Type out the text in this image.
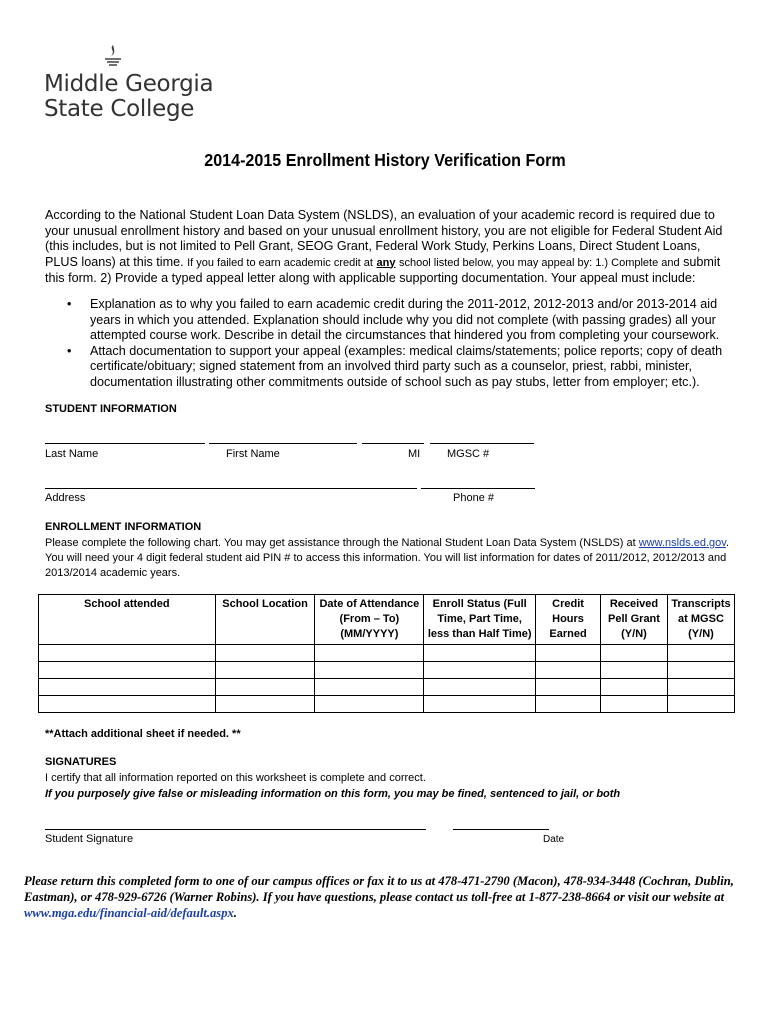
Middle Georgia
State College
2014-2015 Enrollment History Verification Form
According to the National Student Loan Data System (NSLDS), an evaluation of your academic record is required due to your unusual enrollment history and based on your unusual enrollment history, you are not eligible for Federal Student Aid (this includes, but is not limited to Pell Grant, SEOG Grant, Federal Work Study, Perkins Loans, Direct Student Loans, PLUS loans) at this time. If you failed to earn academic credit at any school listed below, you may appeal by: 1.) Complete and submit this form. 2) Provide a typed appeal letter along with applicable supporting documentation. Your appeal must include:
• Explanation as to why you failed to earn academic credit during the 2011-2012, 2012-2013 and/or 2013-2014 aid years in which you attended. Explanation should include why you did not complete (with passing grades) all your attempted course work. Describe in detail the circumstances that hindered you from completing your coursework.
• Attach documentation to support your appeal (examples: medical claims/statements; police reports; copy of death certificate/obituary; signed statement from an involved third party such as a counselor, priest, rabbi, minister, documentation illustrating other commitments outside of school such as pay stubs, letter from employer; etc.).
STUDENT INFORMATION
Last Name	First Name	MI MGSC #
Address	Phone #
ENROLLMENT INFORMATION
Please complete the following chart. You may get assistance through the National Student Loan Data System (NSLDS) at www.nslds.ed.gov. You will need your 4 digit federal student aid PIN # to access this information. You will list information for dates of 2011/2012, 2012/2013 and 2013/2014 academic years.
School attended	School Location	Date of Attendance (From – To) (MM/YYYY)	Enroll Status (Full Time, Part Time, less than Half Time)	Credit Hours Earned	Received Pell Grant (Y/N)	Transcripts at MGSC (Y/N)

**Attach additional sheet if needed. **
SIGNATURES
I certify that all information reported on this worksheet is complete and correct.
If you purposely give false or misleading information on this form, you may be fined, sentenced to jail, or both
Student Signature	Date
Please return this completed form to one of our campus offices or fax it to us at 478-471-2790 (Macon), 478-934-3448 (Cochran, Dublin, Eastman), or 478-929-6726 (Warner Robins). If you have questions, please contact us toll-free at 1-877-238-8664 or visit our website at www.mga.edu/financial-aid/default.aspx.
